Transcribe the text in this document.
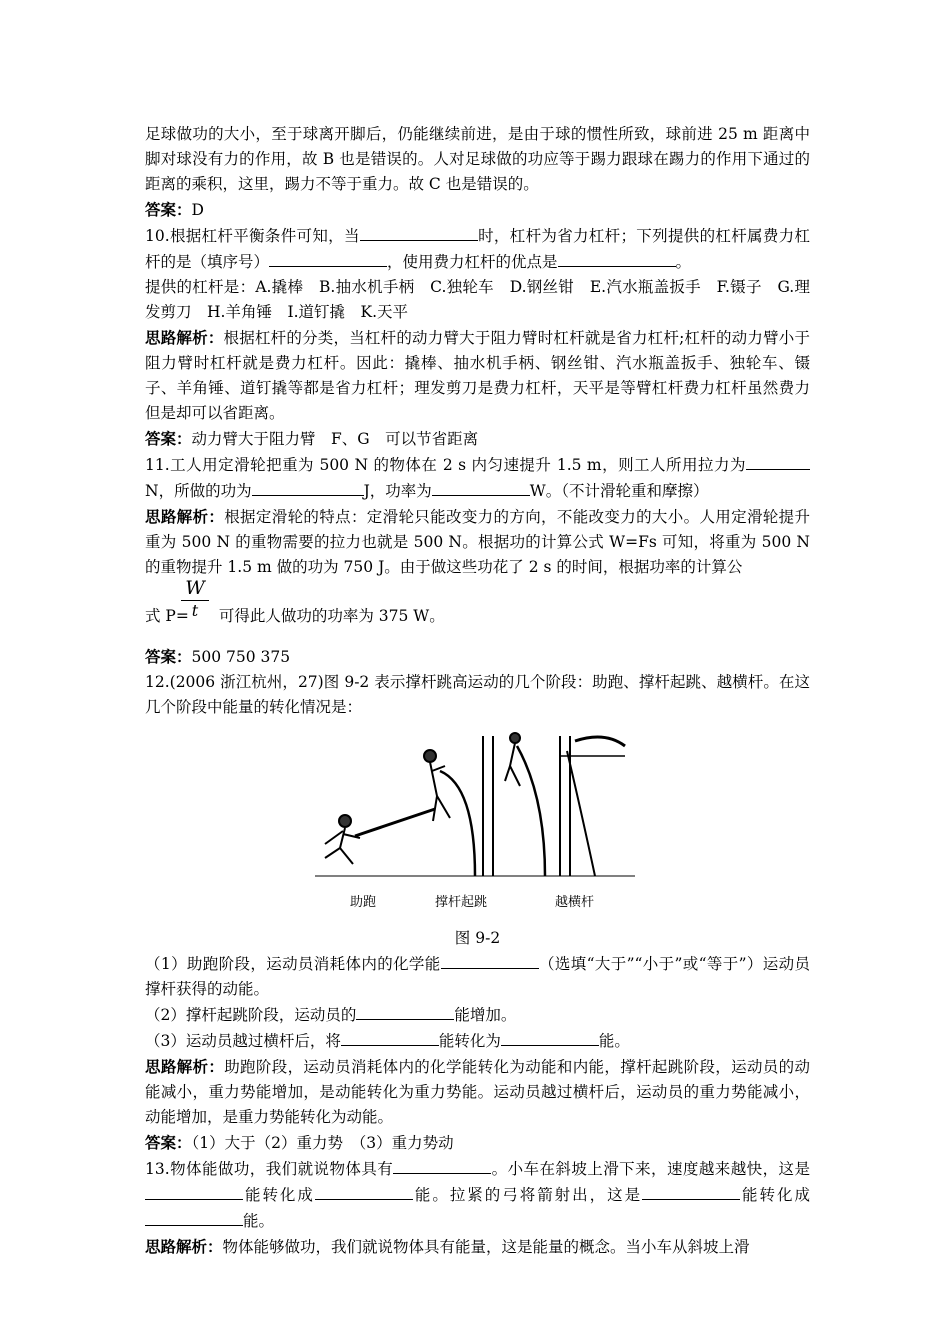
足球做功的大小，至于球离开脚后，仍能继续前进，是由于球的惯性所致，球前进 25 m 距离中脚对球没有力的作用，故 B 也是错误的。人对足球做的功应等于踢力跟球在踢力的作用下通过的距离的乘积，这里，踢力不等于重力。故 C 也是错误的。

答案：D

10.根据杠杆平衡条件可知，当	时，杠杆为省力杠杆；下列提供的杠杆属费力杠杆的是（填序号）	，使用费力杠杆的优点是	。

提供的杠杆是：A.撬棒　B.抽水机手柄　C.独轮车　D.钢丝钳　E.汽水瓶盖扳手　F.镊子　G.理发剪刀　H.羊角锤　I.道钉撬　K.天平

思路解析：根据杠杆的分类，当杠杆的动力臂大于阻力臂时杠杆就是省力杠杆;杠杆的动力臂小于阻力臂时杠杆就是费力杠杆。因此：撬棒、抽水机手柄、钢丝钳、汽水瓶盖扳手、独轮车、镊子、羊角锤、道钉撬等都是省力杠杆；理发剪刀是费力杠杆，天平是等臂杠杆费力杠杆虽然费力但是却可以省距离。

答案：动力臂大于阻力臂　F、G　可以节省距离

11.工人用定滑轮把重为 500 N 的物体在 2 s 内匀速提升 1.5 m，则工人所用拉力为N，所做的功为	J，功率为	W。（不计滑轮重和摩擦）

思路解析：根据定滑轮的特点：定滑轮只能改变力的方向，不能改变力的大小。人用定滑轮提升重为 500 N 的重物需要的拉力也就是 500 N。根据功的计算公式 W=Fs 可知，将重为 500 N 的重物提升 1.5 m 做的功为 750 J。由于做这些功花了 2 s 的时间，根据功率的计算公

W
t
式 P= 可得此人做功的功率为 375 W。

答案：500 750 375

12.(2006 浙江杭州，27)图 9-2 表示撑杆跳高运动的几个阶段：助跑、撑杆起跳、越横杆。在这几个阶段中能量的转化情况是：

助跑	撑杆起跳	越横杆

图 9-2

（1）助跑阶段，运动员消耗体内的化学能	（选填“大于”“小于”或“等于”）运动员撑杆获得的动能。

（2）撑杆起跳阶段，运动员的	能增加。

（3）运动员越过横杆后，将	能转化为	能。

思路解析：助跑阶段，运动员消耗体内的化学能转化为动能和内能，撑杆起跳阶段，运动员的动能减小，重力势能增加，是动能转化为重力势能。运动员越过横杆后，运动员的重力势能减小，动能增加，是重力势能转化为动能。

答案：（1）大于（2）重力势　（3）重力势动

13.物体能做功，我们就说物体具有	。小车在斜坡上滑下来，速度越来越快，这是能转化成	能。拉紧的弓将箭射出，这是	能转化成能。

思路解析：物体能够做功，我们就说物体具有能量，这是能量的概念。当小车从斜坡上滑
